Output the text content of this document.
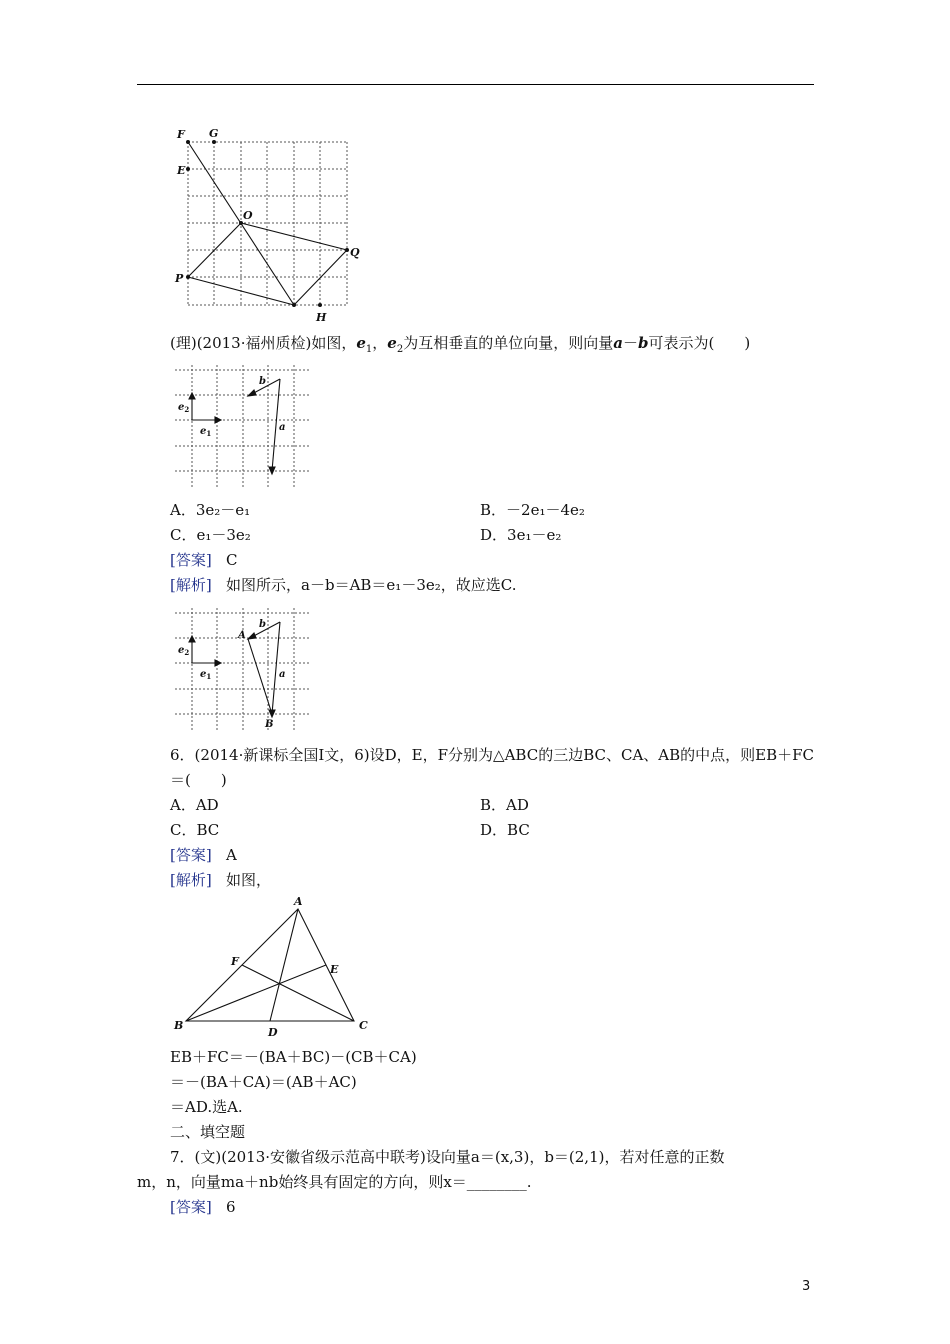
F G
E
O
Q
P
H
(理)(2013·福州质检)如图，$e_1$，$e_2$为互相垂直的单位向量，则向量a－b可表示为(　　)
b
a
$e_2$
$e_1$
A．3e₂－e₁	B．－2e₁－4e₂
C．e₁－3e₂	D．3e₁－e₂
[答案] C
[解析] 如图所示，a－b＝AB＝e₁－3e₂，故应选C.
A
B
b
a
$e_2$
$e_1$
6．(2014·新课标全国Ⅰ文，6)设D，E，F分别为△ABC的三边BC、CA、AB的中点，则EB＋FC
＝(　　)
A．AD	B．AD
C．BC	D．BC
[答案] A
[解析] 如图，
A
B	C
D
E
F
EB＋FC＝－(BA＋BC)－(CB＋CA)
＝－(BA＋CA)＝(AB＋AC)
＝AD.选A.
二、填空题
7．(文)(2013·安徽省级示范高中联考)设向量a＝(x,3)，b＝(2,1)，若对任意的正数
m，n，向量ma＋nb始终具有固定的方向，则x＝________.
[答案] 6
3
